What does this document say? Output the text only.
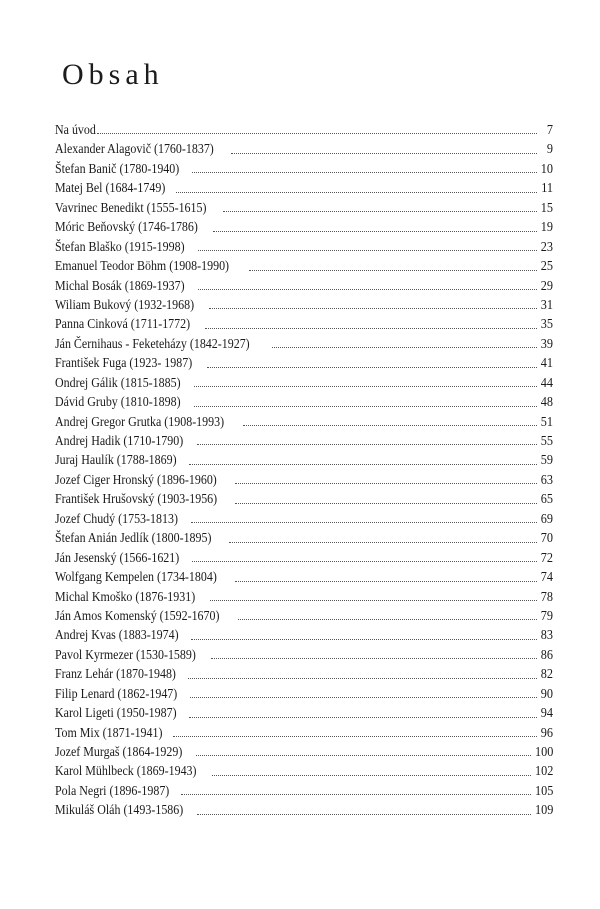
Obsah
Na úvod	7
Alexander Alagovič (1760-1837)	9
Štefan Banič (1780-1940)	10
Matej Bel (1684-1749)	11
Vavrinec Benedikt (1555-1615)	15
Móric Beňovský (1746-1786)	19
Štefan Blaško (1915-1998)	23
Emanuel Teodor Böhm (1908-1990)	25
Michal Bosák (1869-1937)	29
Wiliam Bukový (1932-1968)	31
Panna Cinková (1711-1772)	35
Ján Černihaus - Feketeházy (1842-1927)	39
František Fuga (1923- 1987)	41
Ondrej Gálik (1815-1885)	44
Dávid Gruby (1810-1898)	48
Andrej Gregor Grutka (1908-1993)	51
Andrej Hadik (1710-1790)	55
Juraj Haulík (1788-1869)	59
Jozef Ciger Hronský (1896-1960)	63
František Hrušovský (1903-1956)	65
Jozef Chudý (1753-1813)	69
Štefan Anián Jedlík (1800-1895)	70
Ján Jesenský (1566-1621)	72
Wolfgang Kempelen (1734-1804)	74
Michal Kmoško (1876-1931)	78
Ján Amos Komenský (1592-1670)	79
Andrej Kvas (1883-1974)	83
Pavol Kyrmezer (1530-1589)	86
Franz Lehár (1870-1948)	82
Filip Lenard (1862-1947)	90
Karol Ligeti (1950-1987)	94
Tom Mix (1871-1941)	96
Jozef Murgaš (1864-1929)	100
Karol Mühlbeck (1869-1943)	102
Pola Negri (1896-1987)	105
Mikuláš Oláh (1493-1586)	109
